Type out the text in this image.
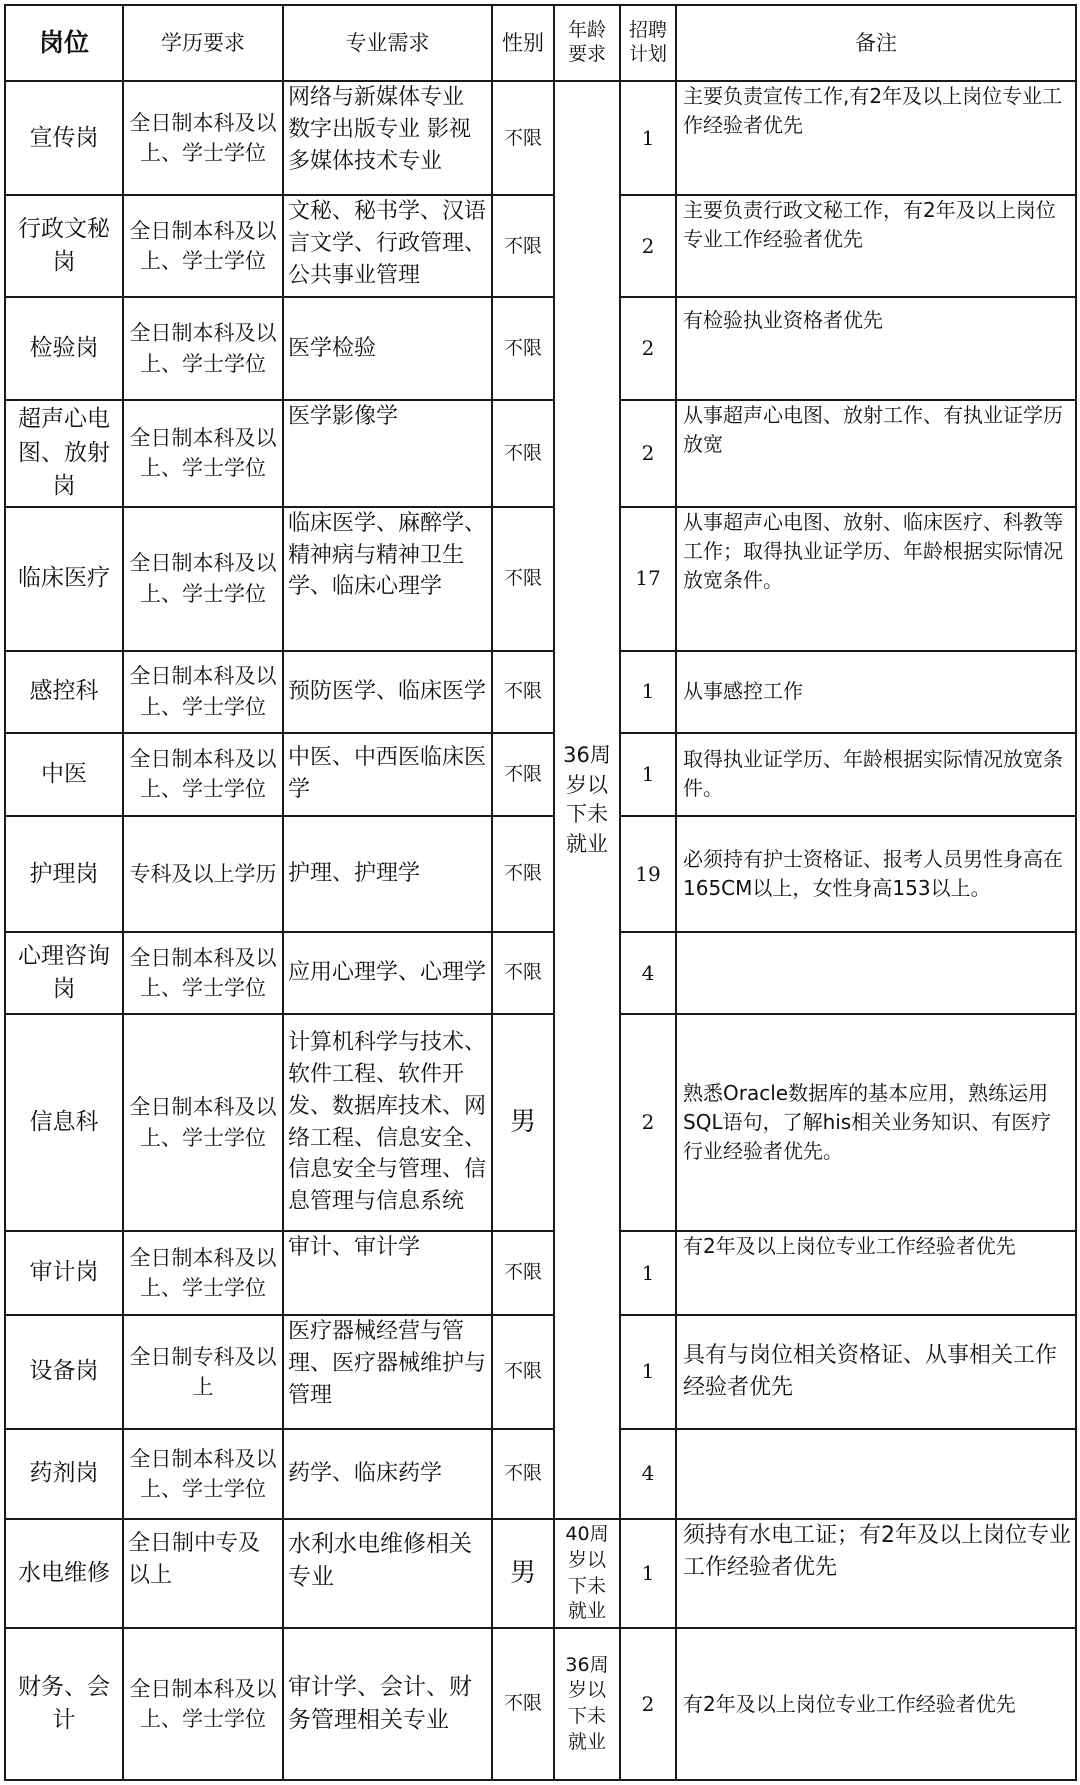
岗位	学历要求	专业需求	性别	年龄要求	招聘计划	备注
宣传岗	全日制本科及以上、学士学位	网络与新媒体专业 数字出版专业 影视多媒体技术专业	不限	36周岁以下未就业	1	主要负责宣传工作,有2年及以上岗位专业工作经验者优先
行政文秘岗	全日制本科及以上、学士学位	文秘、秘书学、汉语言文学、行政管理、公共事业管理	不限		2	主要负责行政文秘工作，有2年及以上岗位专业工作经验者优先
检验岗	全日制本科及以上、学士学位	医学检验	不限		2	有检验执业资格者优先
超声心电图、放射岗	全日制本科及以上、学士学位	医学影像学	不限		2	从事超声心电图、放射工作、有执业证学历放宽
临床医疗	全日制本科及以上、学士学位	临床医学、麻醉学、精神病与精神卫生学、临床心理学	不限		17	从事超声心电图、放射、临床医疗、科教等工作；取得执业证学历、年龄根据实际情况放宽条件。
感控科	全日制本科及以上、学士学位	预防医学、临床医学	不限		1	从事感控工作
中医	全日制本科及以上、学士学位	中医、中西医临床医学	不限		1	取得执业证学历、年龄根据实际情况放宽条件。
护理岗	专科及以上学历	护理、护理学	不限		19	必须持有护士资格证、报考人员男性身高在165CM以上，女性身高153以上。
心理咨询岗	全日制本科及以上、学士学位	应用心理学、心理学	不限		4	
信息科	全日制本科及以上、学士学位	计算机科学与技术、软件工程、软件开发、数据库技术、网络工程、信息安全、信息安全与管理、信息管理与信息系统	男		2	熟悉Oracle数据库的基本应用，熟练运用SQL语句，了解his相关业务知识、有医疗行业经验者优先。
审计岗	全日制本科及以上、学士学位	审计、审计学	不限		1	有2年及以上岗位专业工作经验者优先
设备岗	全日制专科及以上	医疗器械经营与管理、医疗器械维护与管理	不限		1	具有与岗位相关资格证、从事相关工作经验者优先
药剂岗	全日制本科及以上、学士学位	药学、临床药学	不限		4	
水电维修	全日制中专及以上	水利水电维修相关专业	男	40周岁以下未就业	1	须持有水电工证；有2年及以上岗位专业工作经验者优先
财务、会计	全日制本科及以上、学士学位	审计学、会计、财务管理相关专业	不限	36周岁以下未就业	2	有2年及以上岗位专业工作经验者优先
